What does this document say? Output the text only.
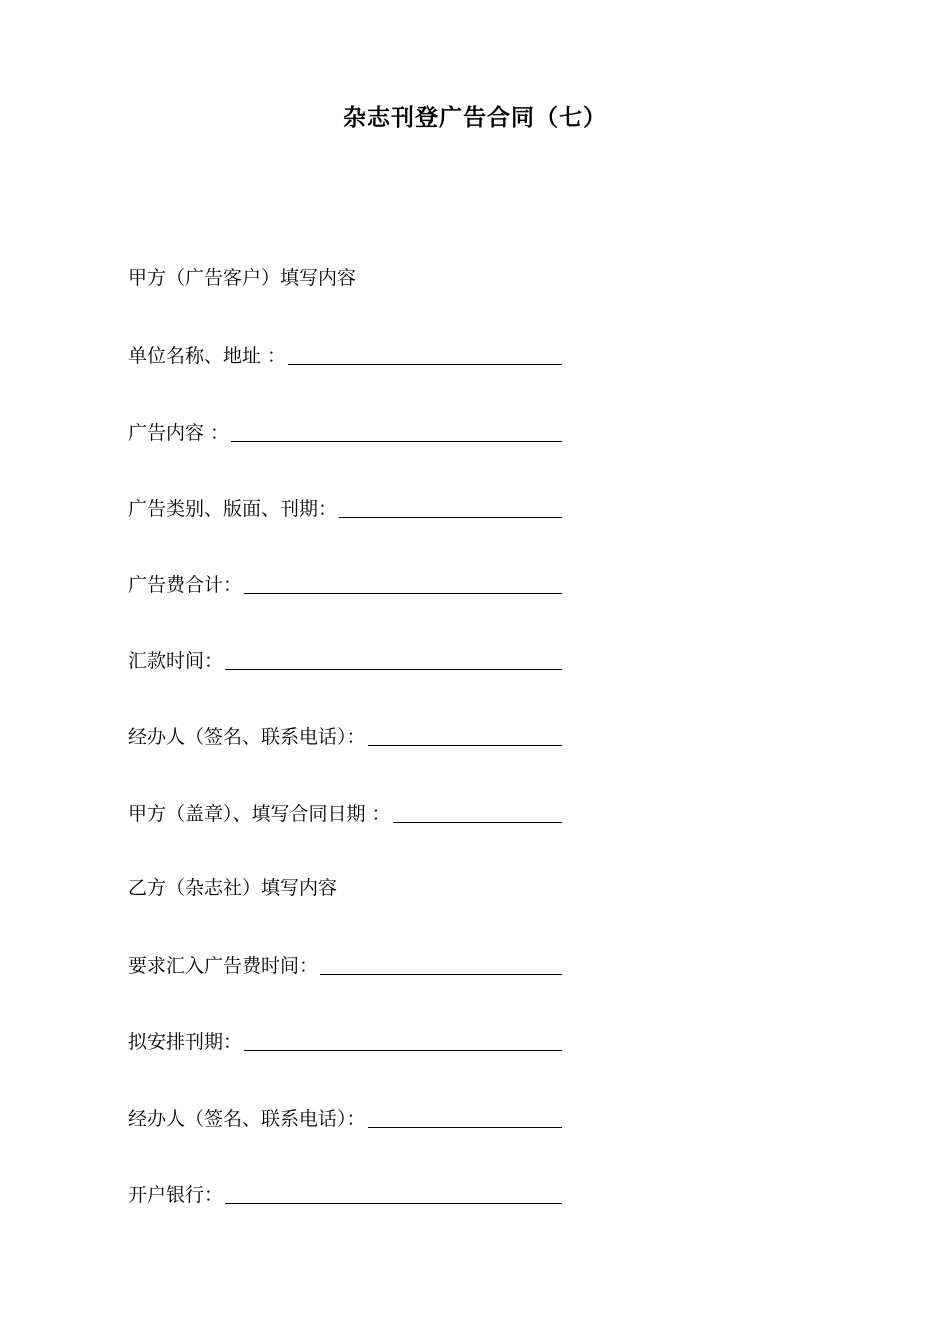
杂志刊登广告合同（七）
甲方（广告客户）填写内容
单位名称、地址 ：
广告内容 ：
广告类别、版面、刊期：
广告费合计：
汇款时间：
经办人（签名、联系电话）：
甲方（盖章）、填写合同日期 ：
乙方（杂志社）填写内容
要求汇入广告费时间：
拟安排刊期：
经办人（签名、联系电话）：
开户银行：
